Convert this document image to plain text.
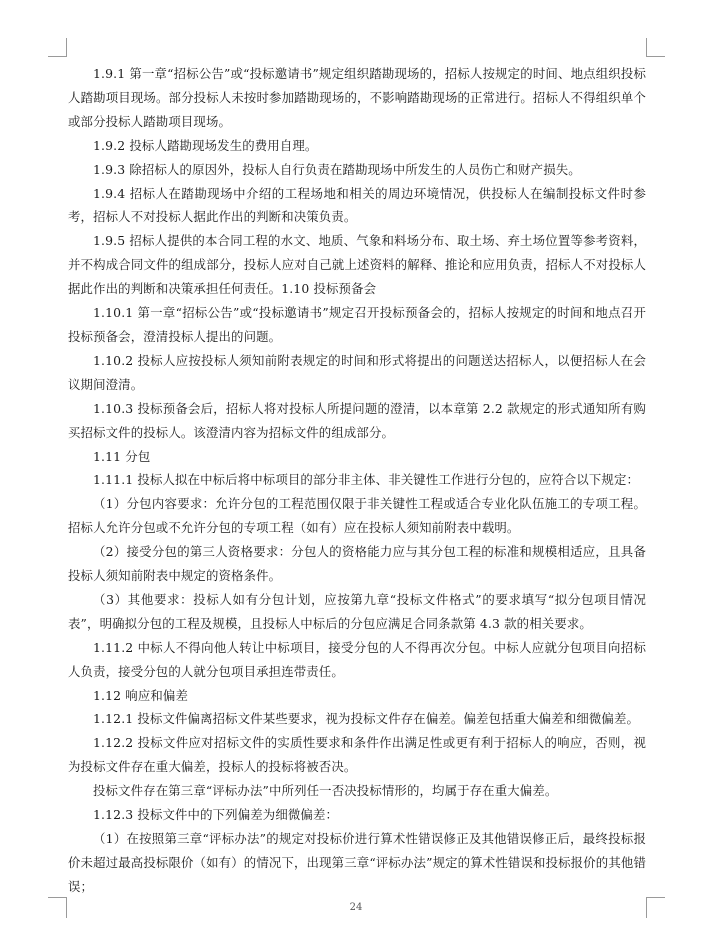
1.9.1 第一章“招标公告”或“投标邀请书”规定组织踏勘现场的，招标人按规定的时间、地点组织投标人踏勘项目现场。部分投标人未按时参加踏勘现场的，不影响踏勘现场的正常进行。招标人不得组织单个或部分投标人踏勘项目现场。

1.9.2 投标人踏勘现场发生的费用自理。

1.9.3 除招标人的原因外，投标人自行负责在踏勘现场中所发生的人员伤亡和财产损失。

1.9.4 招标人在踏勘现场中介绍的工程场地和相关的周边环境情况，供投标人在编制投标文件时参考，招标人不对投标人据此作出的判断和决策负责。

1.9.5 招标人提供的本合同工程的水文、地质、气象和料场分布、取土场、弃土场位置等参考资料，并不构成合同文件的组成部分，投标人应对自己就上述资料的解释、推论和应用负责，招标人不对投标人据此作出的判断和决策承担任何责任。1.10 投标预备会

1.10.1 第一章“招标公告”或“投标邀请书”规定召开投标预备会的，招标人按规定的时间和地点召开投标预备会，澄清投标人提出的问题。

1.10.2 投标人应按投标人须知前附表规定的时间和形式将提出的问题送达招标人，以便招标人在会议期间澄清。

1.10.3 投标预备会后，招标人将对投标人所提问题的澄清，以本章第 2.2 款规定的形式通知所有购买招标文件的投标人。该澄清内容为招标文件的组成部分。

1.11 分包

1.11.1 投标人拟在中标后将中标项目的部分非主体、非关键性工作进行分包的，应符合以下规定：

（1）分包内容要求：允许分包的工程范围仅限于非关键性工程或适合专业化队伍施工的专项工程。招标人允许分包或不允许分包的专项工程（如有）应在投标人须知前附表中载明。

（2）接受分包的第三人资格要求：分包人的资格能力应与其分包工程的标准和规模相适应，且具备投标人须知前附表中规定的资格条件。

（3）其他要求：投标人如有分包计划，应按第九章“投标文件格式”的要求填写“拟分包项目情况表”，明确拟分包的工程及规模，且投标人中标后的分包应满足合同条款第 4.3 款的相关要求。

1.11.2 中标人不得向他人转让中标项目，接受分包的人不得再次分包。中标人应就分包项目向招标人负责，接受分包的人就分包项目承担连带责任。

1.12 响应和偏差

1.12.1 投标文件偏离招标文件某些要求，视为投标文件存在偏差。偏差包括重大偏差和细微偏差。

1.12.2 投标文件应对招标文件的实质性要求和条件作出满足性或更有利于招标人的响应，否则，视为投标文件存在重大偏差，投标人的投标将被否决。

投标文件存在第三章“评标办法”中所列任一否决投标情形的，均属于存在重大偏差。

1.12.3 投标文件中的下列偏差为细微偏差：

（1）在按照第三章“评标办法”的规定对投标价进行算术性错误修正及其他错误修正后，最终投标报价未超过最高投标限价（如有）的情况下，出现第三章“评标办法”规定的算术性错误和投标报价的其他错误；

24
